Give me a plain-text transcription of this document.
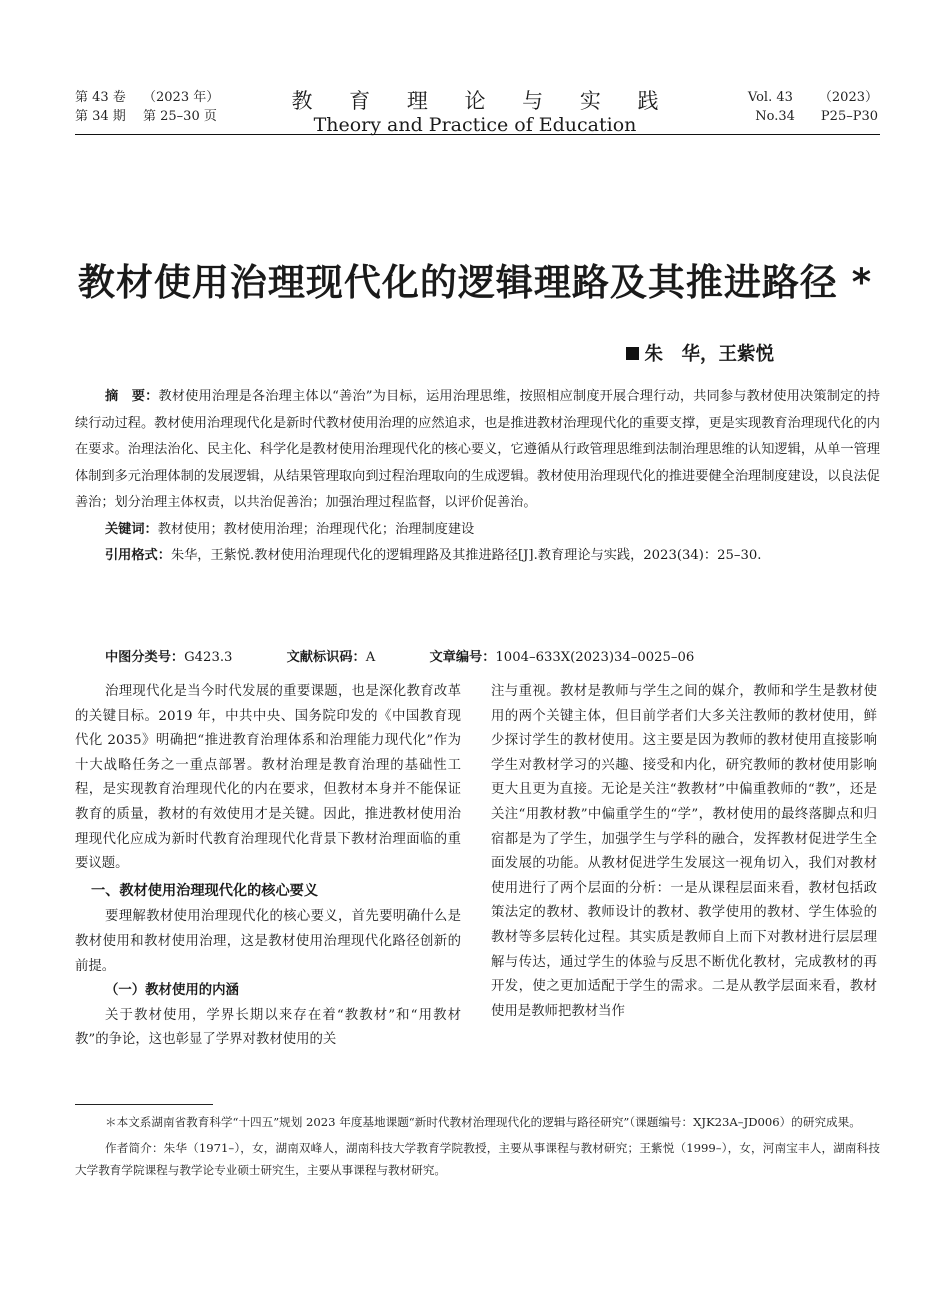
第 43 卷 （2023 年）
第 34 期 第 25–30 页
教 育 理 论 与 实 践
Theory and Practice of Education
Vol. 43 （2023）
No.34 P25–P30
教材使用治理现代化的逻辑理路及其推进路径 *
朱　华，王紫悦

摘　要：教材使用治理是各治理主体以“善治”为目标，运用治理思维，按照相应制度开展合理行动，共同参与教材使用决策制定的持续行动过程。教材使用治理现代化是新时代教材使用治理的应然追求，也是推进教材治理现代化的重要支撑，更是实现教育治理现代化的内在要求。治理法治化、民主化、科学化是教材使用治理现代化的核心要义，它遵循从行政管理思维到法制治理思维的认知逻辑，从单一管理体制到多元治理体制的发展逻辑，从结果管理取向到过程治理取向的生成逻辑。教材使用治理现代化的推进要健全治理制度建设，以良法促善治；划分治理主体权责，以共治促善治；加强治理过程监督，以评价促善治。

关键词：教材使用；教材使用治理；治理现代化；治理制度建设

引用格式：朱华，王紫悦.教材使用治理现代化的逻辑理路及其推进路径[J].教育理论与实践，2023(34)：25–30.

中图分类号：G423.3	文献标识码：A	文章编号：1004–633X(2023)34–0025–06

治理现代化是当今时代发展的重要课题，也是深化教育改革的关键目标。2019 年，中共中央、国务院印发的《中国教育现代化 2035》明确把“推进教育治理体系和治理能力现代化”作为十大战略任务之一重点部署。教材治理是教育治理的基础性工程，是实现教育治理现代化的内在要求，但教材本身并不能保证教育的质量，教材的有效使用才是关键。因此，推进教材使用治理现代化应成为新时代教育治理现代化背景下教材治理面临的重要议题。

一、教材使用治理现代化的核心要义

要理解教材使用治理现代化的核心要义，首先要明确什么是教材使用和教材使用治理，这是教材使用治理现代化路径创新的前提。

（一）教材使用的内涵

关于教材使用，学界长期以来存在着“教教材”和“用教材教”的争论，这也彰显了学界对教材使用的关

注与重视。教材是教师与学生之间的媒介，教师和学生是教材使用的两个关键主体，但目前学者们大多关注教师的教材使用，鲜少探讨学生的教材使用。这主要是因为教师的教材使用直接影响学生对教材学习的兴趣、接受和内化，研究教师的教材使用影响更大且更为直接。无论是关注“教教材”中偏重教师的“教”，还是关注“用教材教”中偏重学生的“学”，教材使用的最终落脚点和归宿都是为了学生，加强学生与学科的融合，发挥教材促进学生全面发展的功能。从教材促进学生发展这一视角切入，我们对教材使用进行了两个层面的分析：一是从课程层面来看，教材包括政策法定的教材、教师设计的教材、教学使用的教材、学生体验的教材等多层转化过程。其实质是教师自上而下对教材进行层层理解与传达，通过学生的体验与反思不断优化教材，完成教材的再开发，使之更加适配于学生的需求。二是从教学层面来看，教材使用是教师把教材当作

＊本文系湖南省教育科学“十四五”规划 2023 年度基地课题“新时代教材治理现代化的逻辑与路径研究”（课题编号：XJK23A–JD006）的研究成果。

作者简介：朱华（1971–），女，湖南双峰人，湖南科技大学教育学院教授，主要从事课程与教材研究；王紫悦（1999–），女，河南宝丰人，湖南科技大学教育学院课程与教学论专业硕士研究生，主要从事课程与教材研究。
